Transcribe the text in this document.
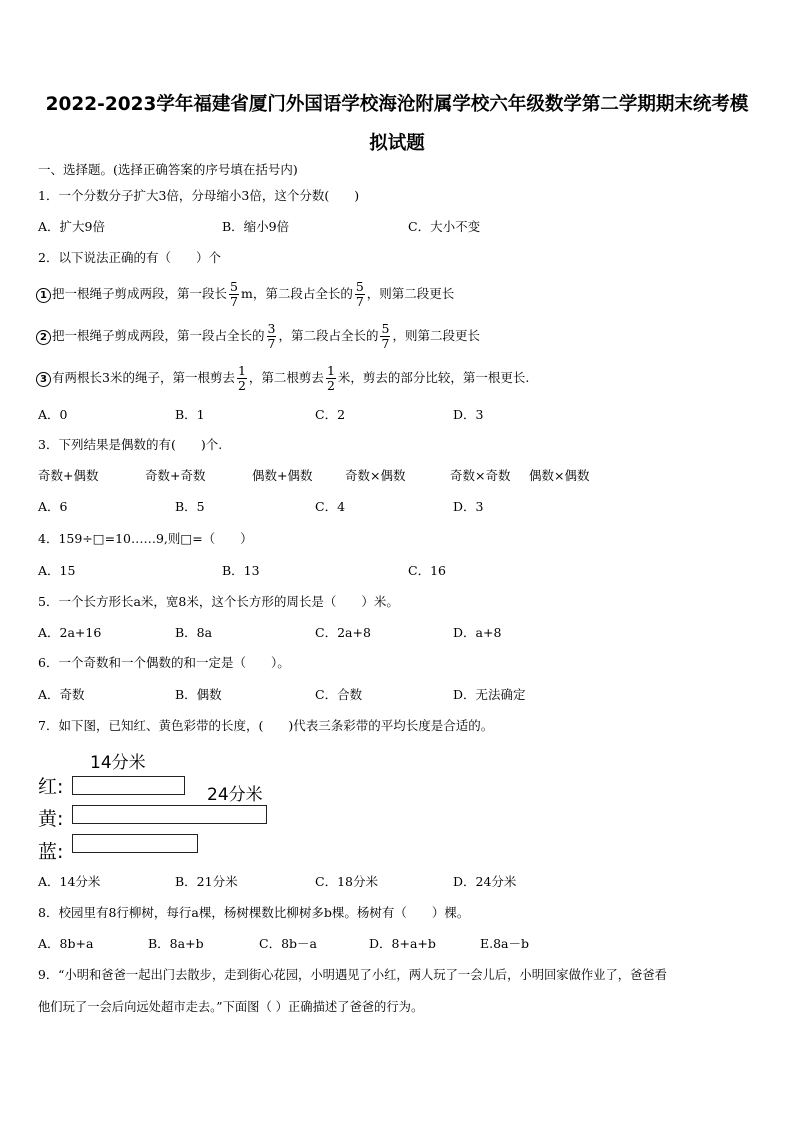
2022-2023学年福建省厦门外国语学校海沧附属学校六年级数学第二学期期末统考模
拟试题
一、选择题。(选择正确答案的序号填在括号内)
1．一个分数分子扩大3倍，分母缩小3倍，这个分数(　　)
A．扩大9倍	B．缩小9倍	C．大小不变
2．以下说法正确的有（　　）个
1 把一根绳子剪成两段，第一段长 $\frac{5}{7}$ m，第二段占全长的 $\frac{5}{7}$ ，则第二段更长
2 把一根绳子剪成两段，第一段占全长的 $\frac{3}{7}$ ，第二段占全长的 $\frac{5}{7}$ ，则第二段更长
3 有两根长3米的绳子，第一根剪去 $\frac{1}{2}$ ，第二根剪去 $\frac{1}{2}$ 米，剪去的部分比较，第一根更长.
A．0	B．1	C．2	D．3
3．下列结果是偶数的有(　　)个.
奇数+偶数	奇数+奇数	偶数+偶数	奇数×偶数	奇数×奇数 偶数×偶数
A．6	B．5	C．4	D．3
4．159÷□=10……9,则□=（　　）
A．15	B．13	C．16
5．一个长方形长a米，宽8米，这个长方形的周长是（　　）米。
A．2a+16	B．8a	C．2a+8	D．a+8
6．一个奇数和一个偶数的和一定是（　　）。
A．奇数	B．偶数	C．合数	D．无法确定
7．如下图，已知红、黄色彩带的长度，(　　)代表三条彩带的平均长度是合适的。
14分米
24分米
红:
黄:
蓝:
A．14分米	B．21分米	C．18分米	D．24分米
8．校园里有8行柳树，每行a棵，杨树棵数比柳树多b棵。杨树有（　　）棵。
A．8b+a	B．8a+b	C．8b－a	D．8+a+b	E.8a－b
9．“小明和爸爸一起出门去散步，走到街心花园，小明遇见了小红，两人玩了一会儿后，小明回家做作业了，爸爸看
他们玩了一会后向远处超市走去。”下面图（ ）正确描述了爸爸的行为。
